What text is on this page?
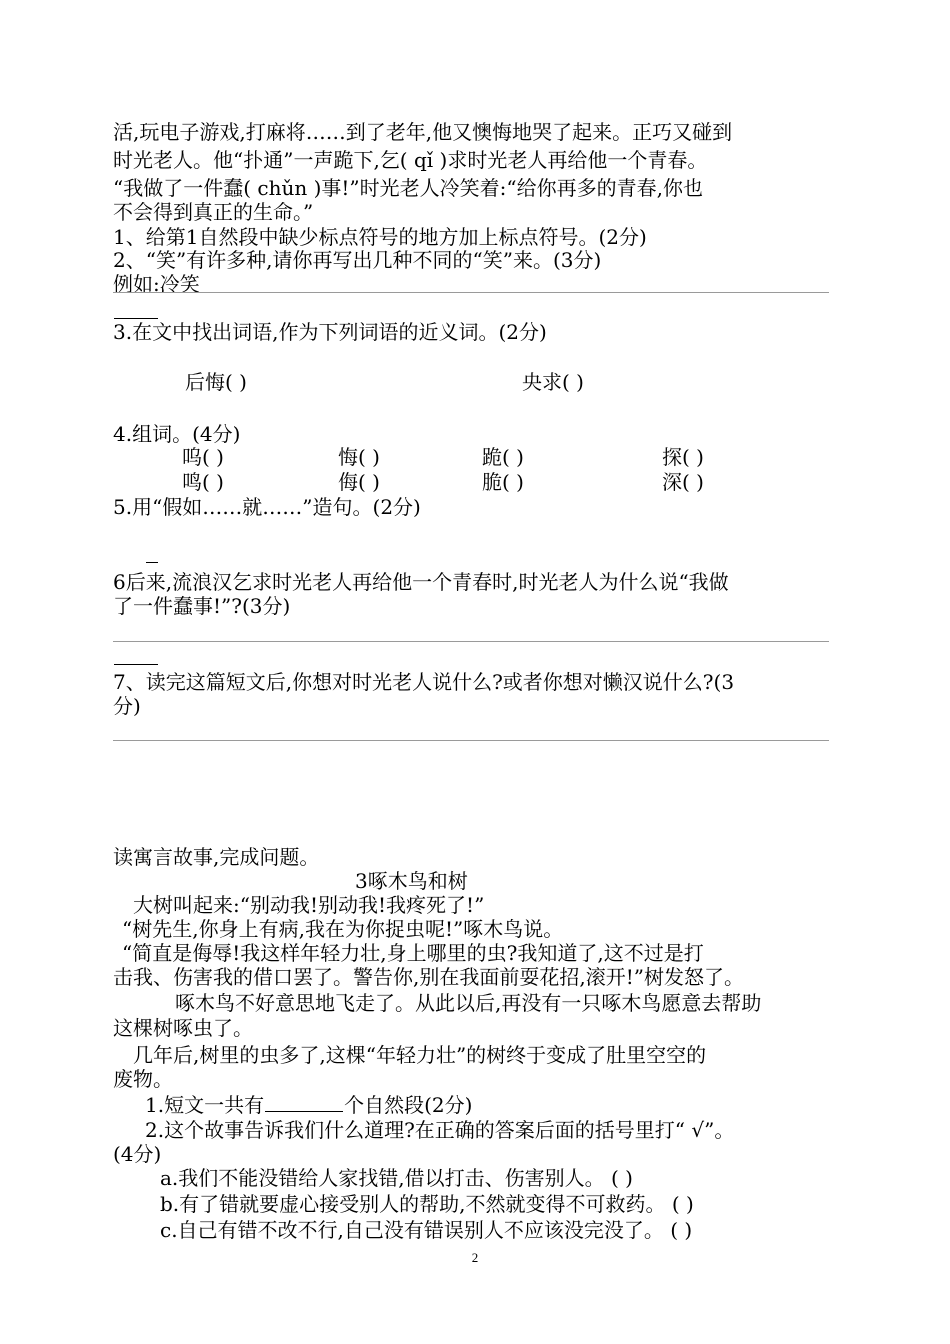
活,玩电子游戏,打麻将……到了老年,他又懊悔地哭了起来。正巧又碰到
时光老人。他“扑通”一声跪下,乞( qǐ )求时光老人再给他一个青春。
“我做了一件蠢( chǔn )事!”时光老人冷笑着:“给你再多的青春,你也
不会得到真正的生命。”
1、给第1自然段中缺少标点符号的地方加上标点符号。(2分)
2、“笑”有许多种,请你再写出几种不同的“笑”来。(3分)
例如:冷笑
3.在文中找出词语,作为下列词语的近义词。(2分)
后悔( )	央求( )
4.组词。(4分)
呜( )	悔( )	跪( )	探( )
鸣( )	侮( )	脆( )	深( )
5.用“假如……就……”造句。(2分)
6后来,流浪汉乞求时光老人再给他一个青春时,时光老人为什么说“我做
了一件蠢事!”?(3分)
7、读完这篇短文后,你想对时光老人说什么?或者你想对懒汉说什么?(3
分)
读寓言故事,完成问题。
3啄木鸟和树
大树叫起来:“别动我!别动我!我疼死了!”
“树先生,你身上有病,我在为你捉虫呢!”啄木鸟说。
“简直是侮辱!我这样年轻力壮,身上哪里的虫?我知道了,这不过是打
击我、伤害我的借口罢了。警告你,别在我面前耍花招,滚开!”树发怒了。
啄木鸟不好意思地飞走了。从此以后,再没有一只啄木鸟愿意去帮助
这棵树啄虫了。
几年后,树里的虫多了,这棵“年轻力壮”的树终于变成了肚里空空的
废物。
1.短文一共有	个自然段(2分)
2.这个故事告诉我们什么道理?在正确的答案后面的括号里打“ √”。
(4分)
a.我们不能没错给人家找错,借以打击、伤害别人。 ( )
b.有了错就要虚心接受别人的帮助,不然就变得不可救药。 ( )
c.自己有错不改不行,自己没有错误别人不应该没完没了。 ( )
2
